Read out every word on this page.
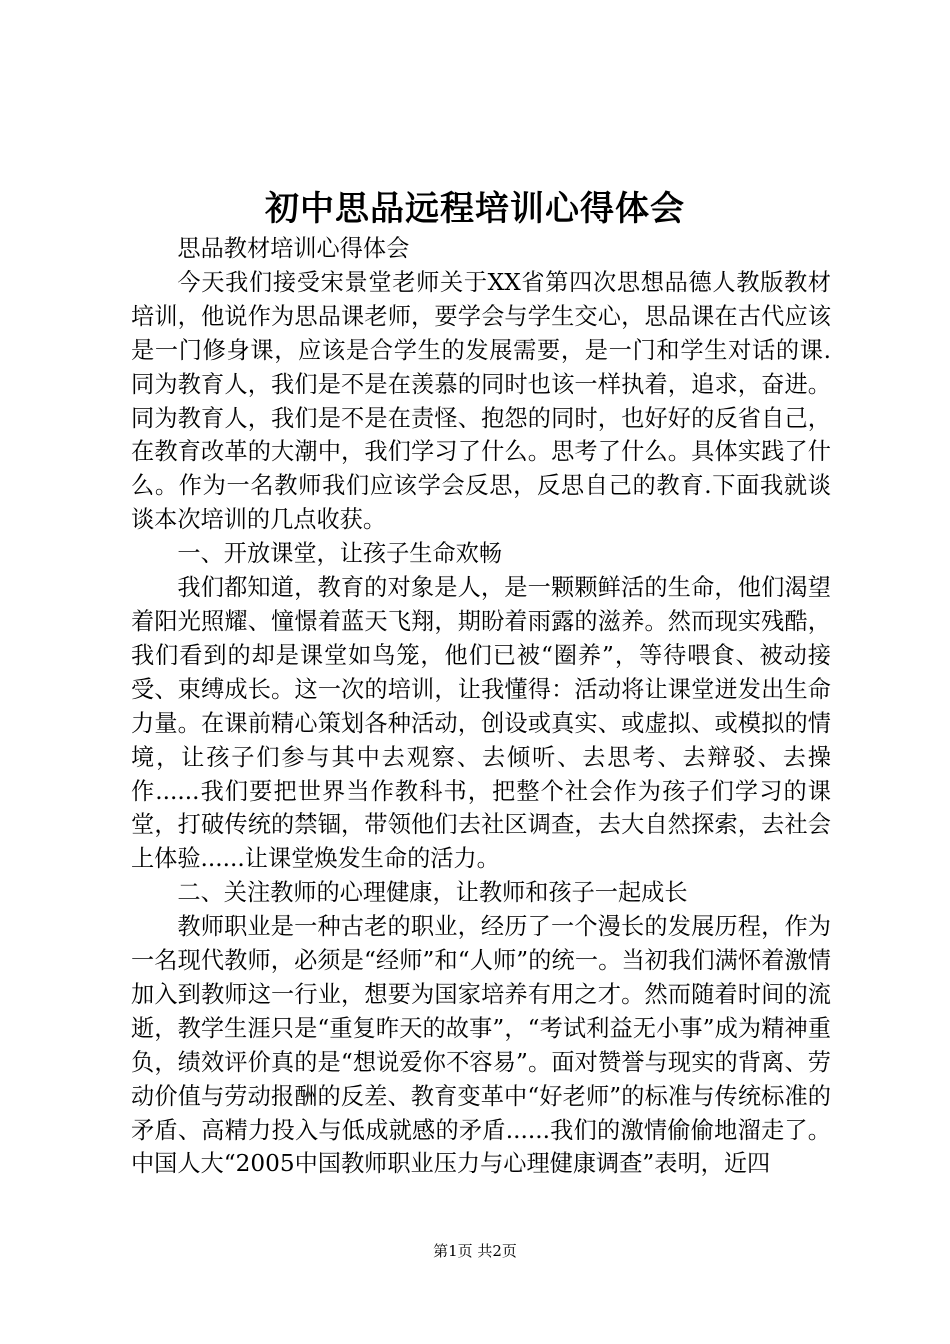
初中思品远程培训心得体会

思品教材培训心得体会

今天我们接受宋景堂老师关于XX省第四次思想品德人教版教材培训，他说作为思品课老师，要学会与学生交心，思品课在古代应该是一门修身课，应该是合学生的发展需要，是一门和学生对话的课.同为教育人，我们是不是在羡慕的同时也该一样执着，追求，奋进。同为教育人，我们是不是在责怪、抱怨的同时，也好好的反省自己，在教育改革的大潮中，我们学习了什么。思考了什么。具体实践了什么。作为一名教师我们应该学会反思，反思自己的教育.下面我就谈谈本次培训的几点收获。

一、开放课堂，让孩子生命欢畅

我们都知道，教育的对象是人，是一颗颗鲜活的生命，他们渴望着阳光照耀、憧憬着蓝天飞翔，期盼着雨露的滋养。然而现实残酷，我们看到的却是课堂如鸟笼，他们已被“圈养”，等待喂食、被动接受、束缚成长。这一次的培训，让我懂得：活动将让课堂迸发出生命力量。在课前精心策划各种活动，创设或真实、或虚拟、或模拟的情境，让孩子们参与其中去观察、去倾听、去思考、去辩驳、去操作......我们要把世界当作教科书，把整个社会作为孩子们学习的课堂，打破传统的禁锢，带领他们去社区调查，去大自然探索，去社会上体验......让课堂焕发生命的活力。

二、关注教师的心理健康，让教师和孩子一起成长

教师职业是一种古老的职业，经历了一个漫长的发展历程，作为一名现代教师，必须是“经师”和“人师”的统一。当初我们满怀着激情加入到教师这一行业，想要为国家培养有用之才。然而随着时间的流逝，教学生涯只是“重复昨天的故事”，“考试利益无小事”成为精神重负，绩效评价真的是“想说爱你不容易”。面对赞誉与现实的背离、劳动价值与劳动报酬的反差、教育变革中“好老师”的标准与传统标准的矛盾、高精力投入与低成就感的矛盾......我们的激情偷偷地溜走了。中国人大“2005中国教师职业压力与心理健康调查”表明，近四

第1页 共2页
